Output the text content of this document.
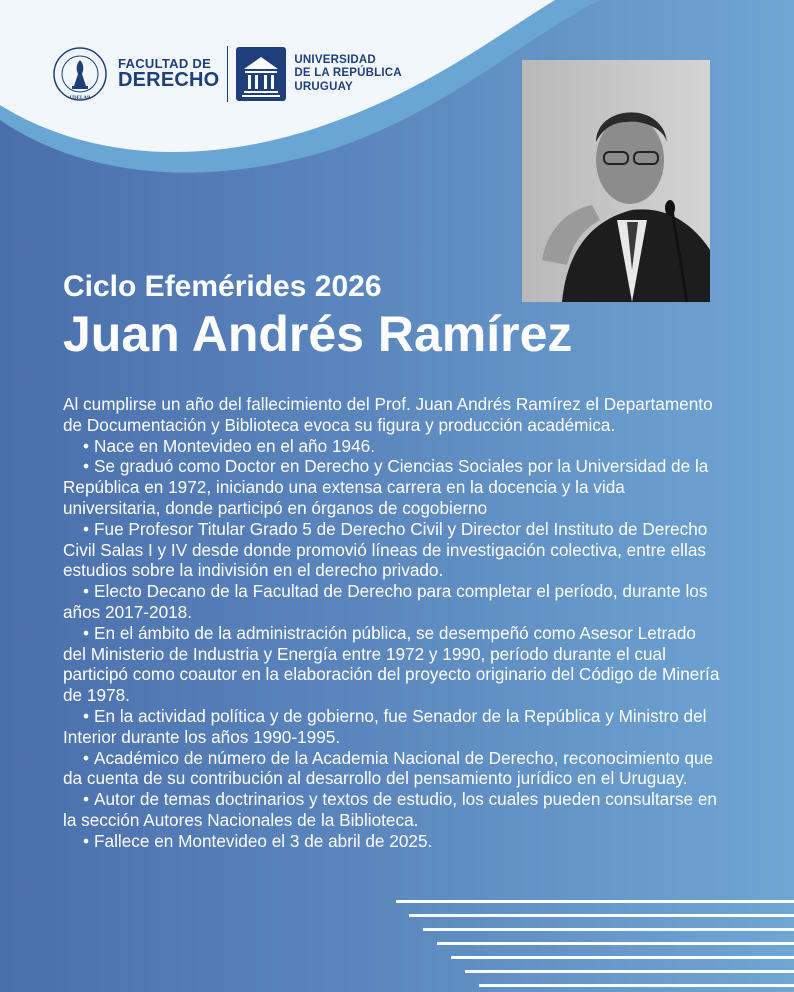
UDELAR
FACULTAD DE
DERECHO
UNIVERSIDAD
DE LA REPÚBLICA
URUGUAY
Ciclo Efemérides 2026
Juan Andrés Ramírez

Al cumplirse un año del fallecimiento del Prof. Juan Andrés Ramírez el Departamento de Documentación y Biblioteca evoca su figura y producción académica.

• Nace en Montevideo en el año 1946.
• Se graduó como Doctor en Derecho y Ciencias Sociales por la Universidad de la República en 1972, iniciando una extensa carrera en la docencia y la vida universitaria, donde participó en órganos de cogobierno
• Fue Profesor Titular Grado 5 de Derecho Civil y Director del Instituto de Derecho Civil Salas I y IV desde donde promovió líneas de investigación colectiva, entre ellas estudios sobre la indivisión en el derecho privado.
• Electo Decano de la Facultad de Derecho para completar el período, durante los años 2017-2018.
• En el ámbito de la administración pública, se desempeñó como Asesor Letrado del Ministerio de Industria y Energía entre 1972 y 1990, período durante el cual participó como coautor en la elaboración del proyecto originario del Código de Minería de 1978.
• En la actividad política y de gobierno, fue Senador de la República y Ministro del Interior durante los años 1990-1995.
• Académico de número de la Academia Nacional de Derecho, reconocimiento que da cuenta de su contribución al desarrollo del pensamiento jurídico en el Uruguay.
• Autor de temas doctrinarios y textos de estudio, los cuales pueden consultarse en la sección Autores Nacionales de la Biblioteca.
• Fallece en Montevideo el 3 de abril de 2025.
